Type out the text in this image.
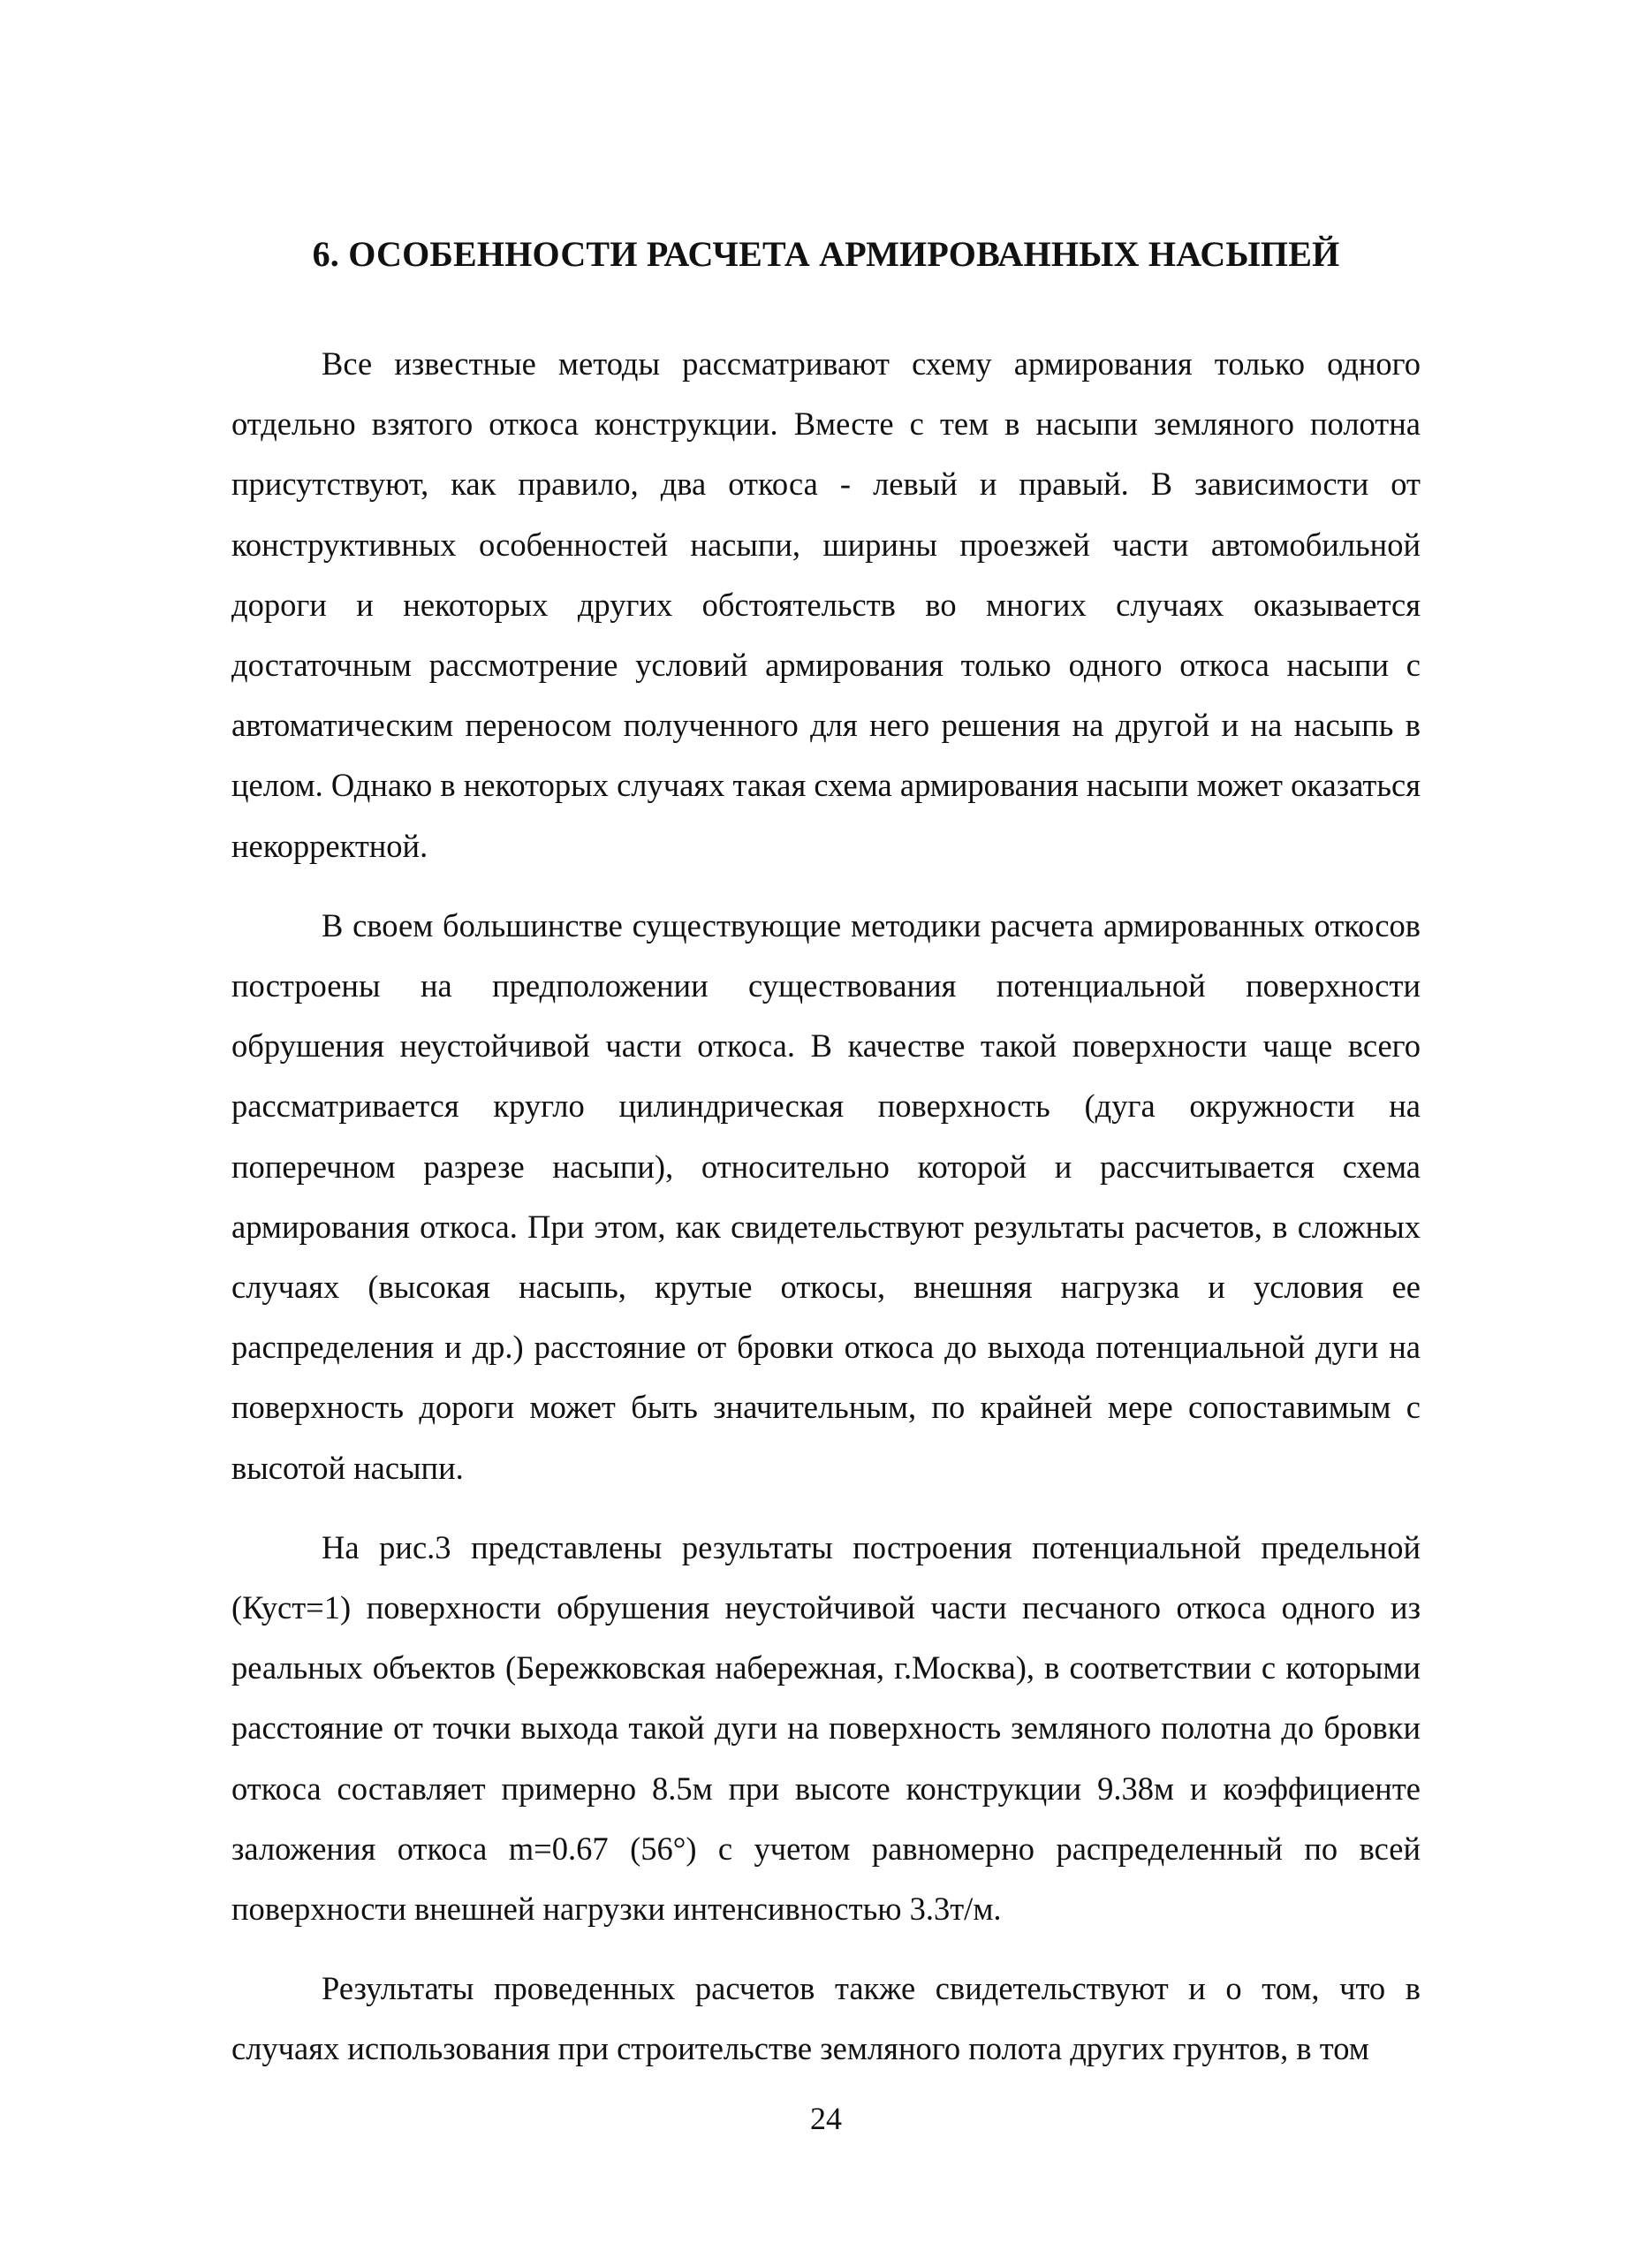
6. ОСОБЕННОСТИ РАСЧЕТА АРМИРОВАННЫХ НАСЫПЕЙ

Все известные методы рассматривают схему армирования только одного отдельно взятого откоса конструкции. Вместе с тем в насыпи земляного полотна присутствуют, как правило, два откоса - левый и правый. В зависимости от конструктивных особенностей насыпи, ширины проезжей части автомобильной дороги и некоторых других обстоятельств во многих случаях оказывается достаточным рассмотрение условий армирования только одного откоса насыпи с автоматическим переносом полученного для него решения на другой и на насыпь в целом. Однако в некоторых случаях такая схема армирования насыпи может оказаться некорректной.

В своем большинстве существующие методики расчета армированных откосов построены на предположении существования потенциальной поверхности обрушения неустойчивой части откоса. В качестве такой поверхности чаще всего рассматривается кругло цилиндрическая поверхность (дуга окружности на поперечном разрезе насыпи), относительно которой и рассчитывается схема армирования откоса. При этом, как свидетельствуют результаты расчетов, в сложных случаях (высокая насыпь, крутые откосы, внешняя нагрузка и условия ее распределения и др.) расстояние от бровки откоса до выхода потенциальной дуги на поверхность дороги может быть значительным, по крайней мере сопоставимым с высотой насыпи.

На рис.3 представлены результаты построения потенциальной предельной (Куст=1) поверхности обрушения неустойчивой части песчаного откоса одного из реальных объектов (Бережковская набережная, г.Москва), в соответствии с которыми расстояние от точки выхода такой дуги на поверхность земляного полотна до бровки откоса составляет примерно 8.5м при высоте конструкции 9.38м и коэффициенте заложения откоса m=0.67 (56°) с учетом равномерно распределенный по всей поверхности внешней нагрузки интенсивностью 3.3т/м.

Результаты проведенных расчетов также свидетельствуют и о том, что в случаях использования при строительстве земляного полота других грунтов, в том

24
